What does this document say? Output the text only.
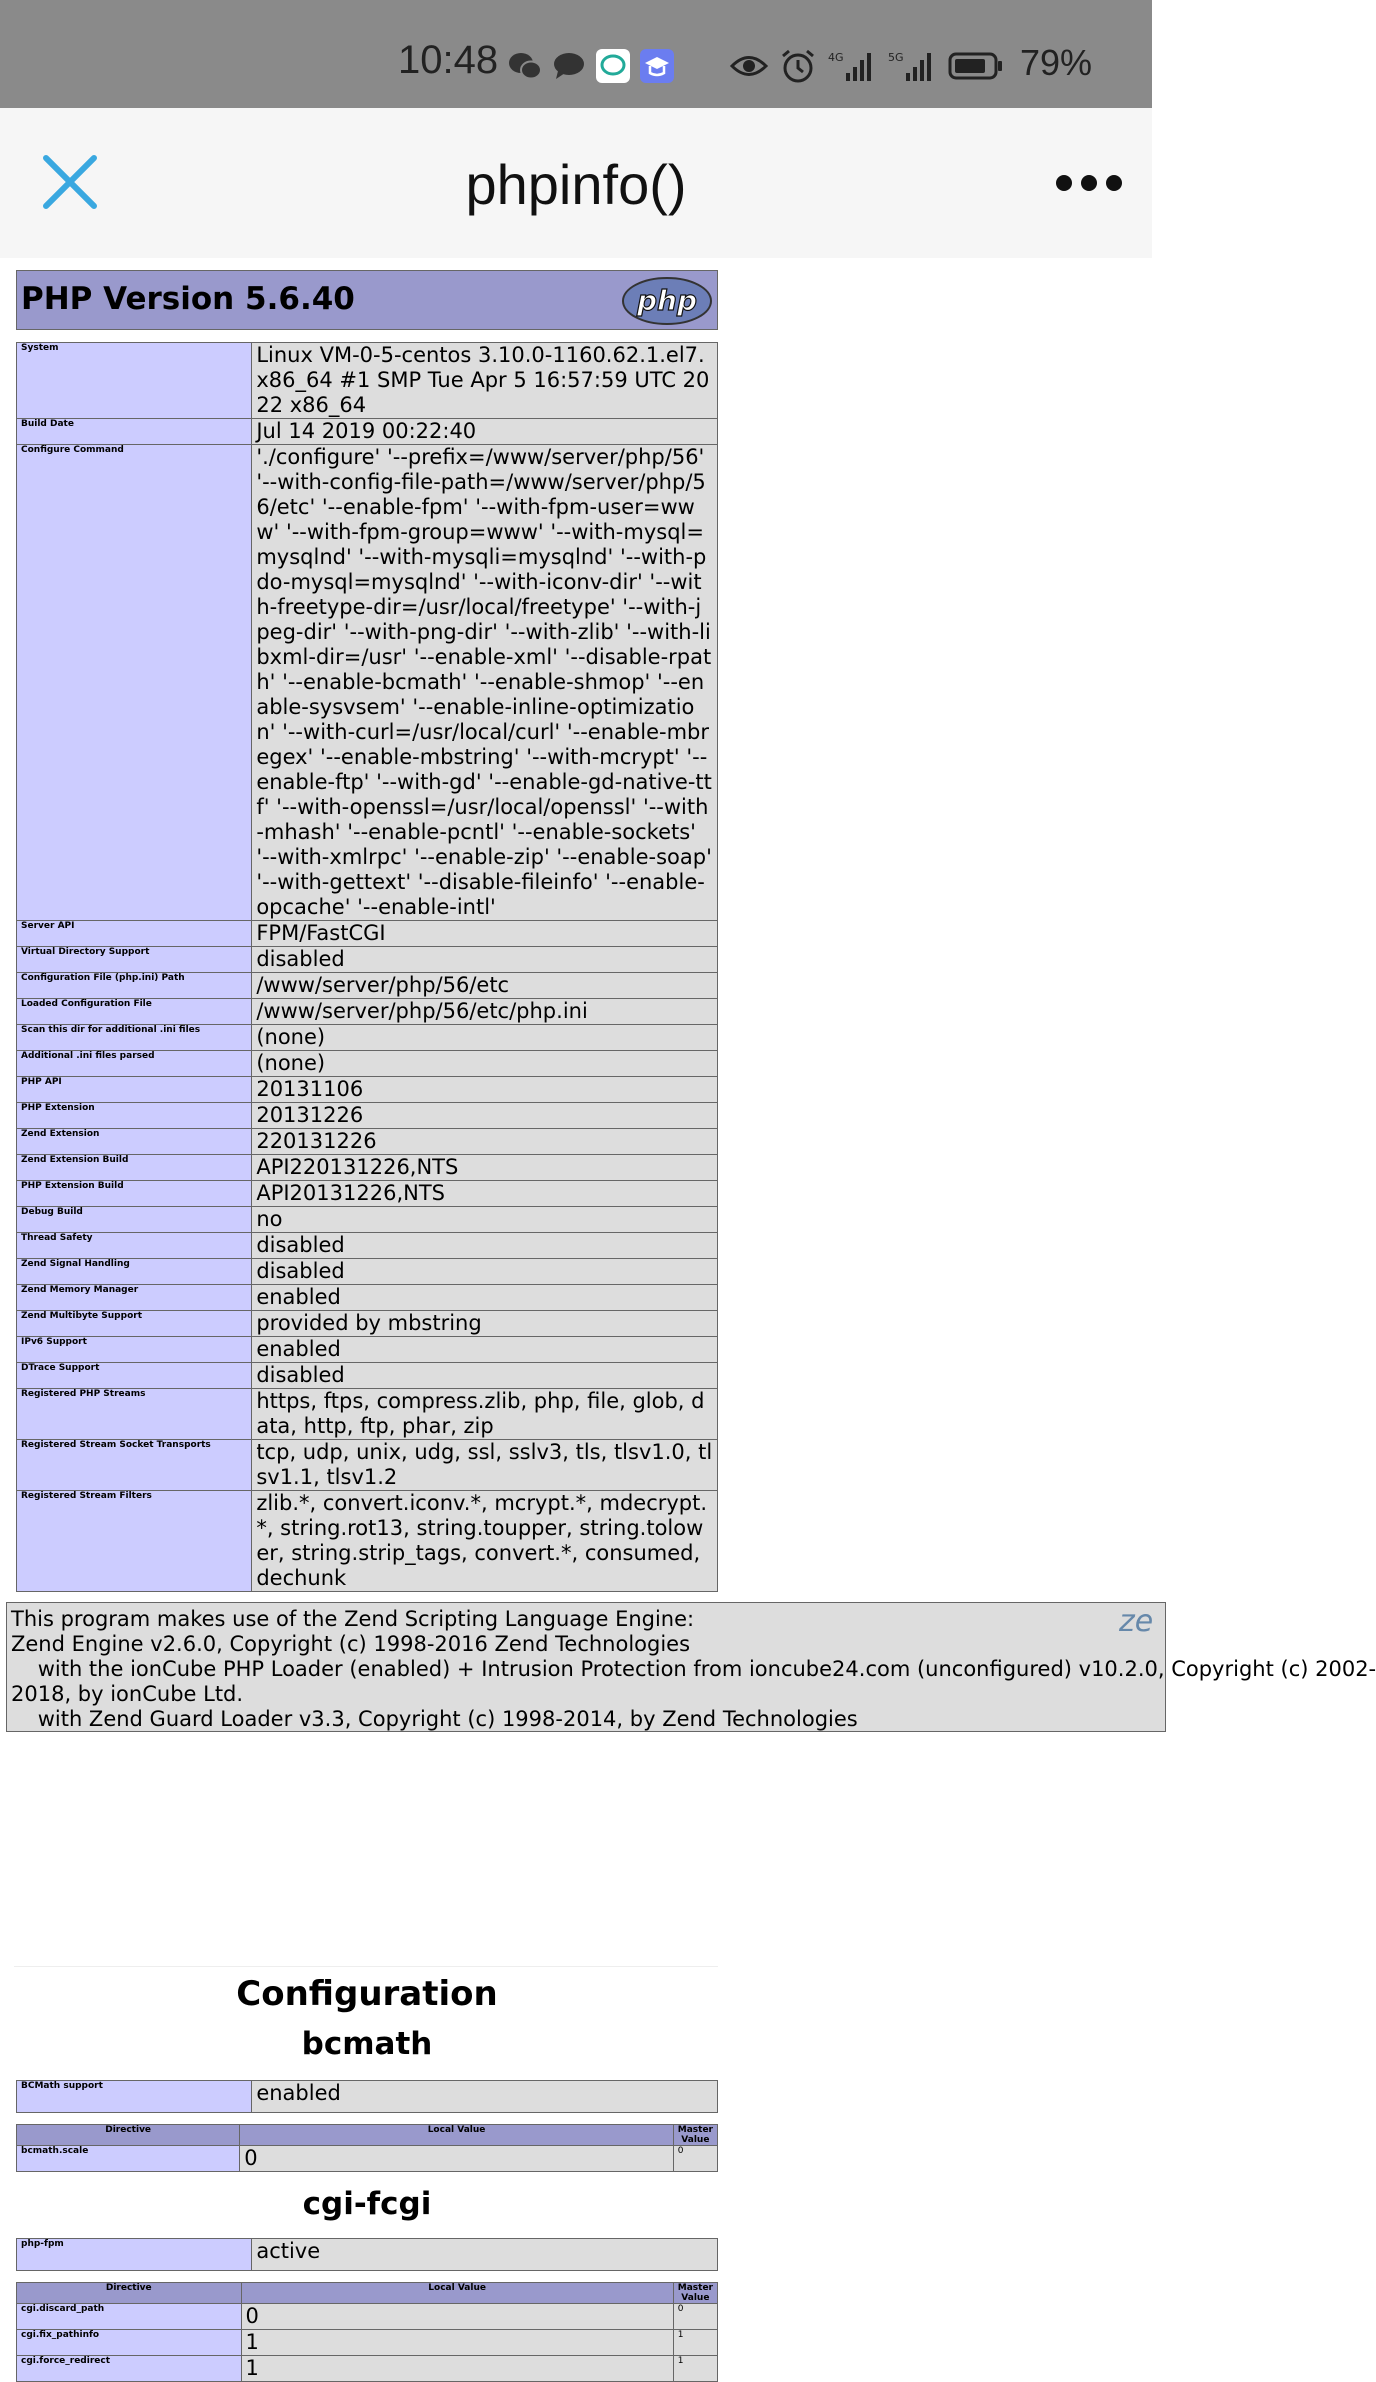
10:48	4G	5G	79%
phpinfo()
PHP Version 5.6.40	php
System	Linux VM-0-5-centos 3.10.0-1160.62.1.el7.x86_64 #1 SMP Tue Apr 5 16:57:59 UTC 2022 x86_64
Build Date	Jul 14 2019 00:22:40
Configure Command	'./configure' '--prefix=/www/server/php/56' '--with-config-file-path=/www/server/php/56/etc' '--enable-fpm' '--with-fpm-user=www' '--with-fpm-group=www' '--with-mysql=mysqlnd' '--with-mysqli=mysqlnd' '--with-pdo-mysql=mysqlnd' '--with-iconv-dir' '--with-freetype-dir=/usr/local/freetype' '--with-jpeg-dir' '--with-png-dir' '--with-zlib' '--with-libxml-dir=/usr' '--enable-xml' '--disable-rpath' '--enable-bcmath' '--enable-shmop' '--enable-sysvsem' '--enable-inline-optimization' '--with-curl=/usr/local/curl' '--enable-mbregex' '--enable-mbstring' '--with-mcrypt' '--enable-ftp' '--with-gd' '--enable-gd-native-ttf' '--with-openssl=/usr/local/openssl' '--with-mhash' '--enable-pcntl' '--enable-sockets' '--with-xmlrpc' '--enable-zip' '--enable-soap' '--with-gettext' '--disable-fileinfo' '--enable-opcache' '--enable-intl'
Server API	FPM/FastCGI
Virtual Directory Support	disabled
Configuration File (php.ini) Path	/www/server/php/56/etc
Loaded Configuration File	/www/server/php/56/etc/php.ini
Scan this dir for additional .ini files	(none)
Additional .ini files parsed	(none)
PHP API	20131106
PHP Extension	20131226
Zend Extension	220131226
Zend Extension Build	API220131226,NTS
PHP Extension Build	API20131226,NTS
Debug Build	no
Thread Safety	disabled
Zend Signal Handling	disabled
Zend Memory Manager	enabled
Zend Multibyte Support	provided by mbstring
IPv6 Support	enabled
DTrace Support	disabled
Registered PHP Streams	https, ftps, compress.zlib, php, file, glob, data, http, ftp, phar, zip
Registered Stream Socket Transports	tcp, udp, unix, udg, ssl, sslv3, tls, tlsv1.0, tlsv1.1, tlsv1.2
Registered Stream Filters	zlib.*, convert.iconv.*, mcrypt.*, mdecrypt.*, string.rot13, string.toupper, string.tolower, string.strip_tags, convert.*, consumed, dechunk
This program makes use of the Zend Scripting Language Engine:
Zend Engine v2.6.0, Copyright (c) 1998-2016 Zend Technologies
with the ionCube PHP Loader (enabled) + Intrusion Protection from ioncube24.com (unconfigured) v10.2.0, Copyright (c) 2002-
2018, by ionCube Ltd.
with Zend Guard Loader v3.3, Copyright (c) 1998-2014, by Zend Technologies
ze
Configuration
bcmath
BCMath support	enabled
Directive	Local Value	Master Value
bcmath.scale	0	0
cgi-fcgi
php-fpm	active
Directive	Local Value	Master Value
cgi.discard_path	0	0
cgi.fix_pathinfo	1	1
cgi.force_redirect	1	1
